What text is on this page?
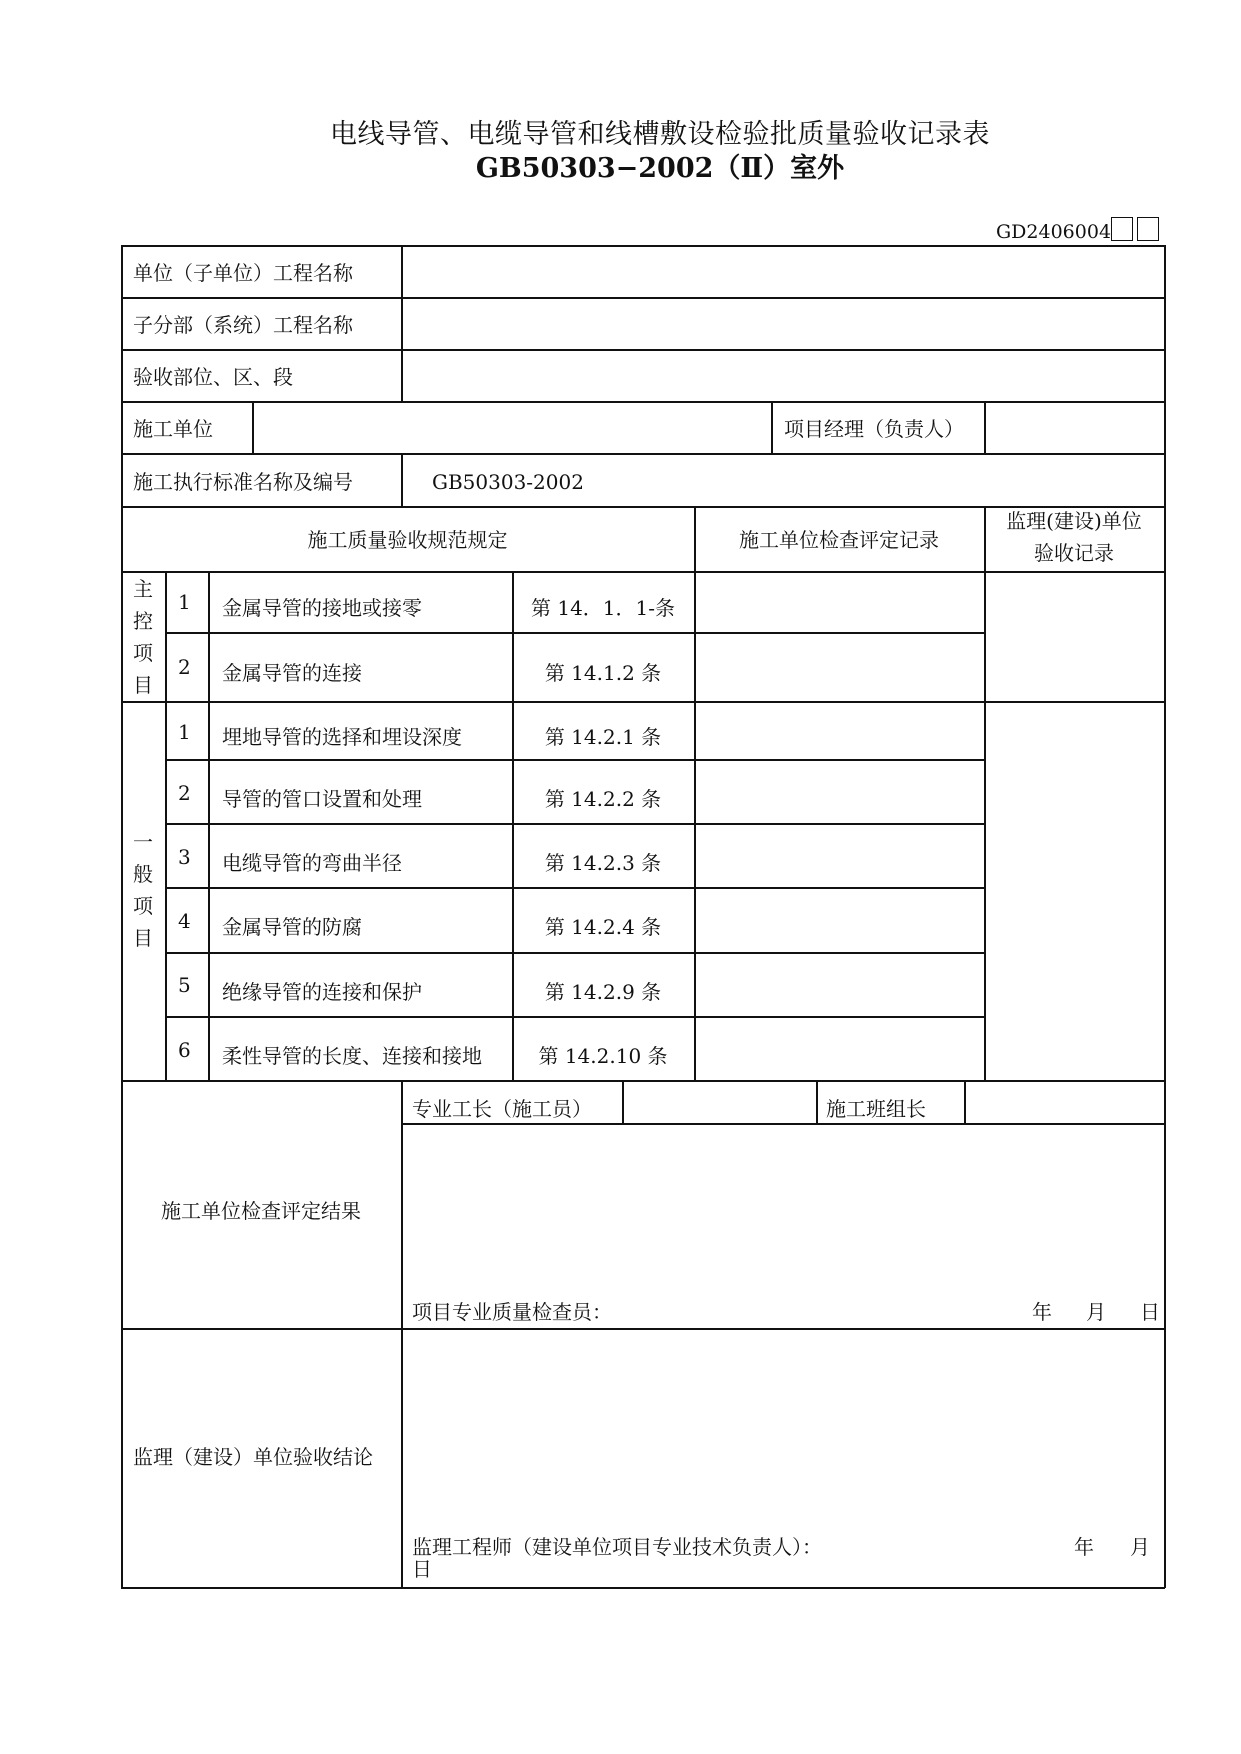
电线导管、电缆导管和线槽敷设检验批质量验收记录表
GB50303−2002（Ⅱ）室外
GD2406004
单位（子单位）工程名称
子分部（系统）工程名称
验收部位、区、段
施工单位	项目经理（负责人）
施工执行标准名称及编号	GB50303-2002
施工质量验收规范规定	施工单位检查评定记录
监理(建设)单位
验收记录
主
控
项
目
1 金属导管的接地或接零	第 14．1．1-条
2 金属导管的连接	第 14.1.2 条
一
般
项
目
1 埋地导管的选择和埋设深度	第 14.2.1 条
2 导管的管口设置和处理	第 14.2.2 条
3 电缆导管的弯曲半径	第 14.2.3 条
4 金属导管的防腐	第 14.2.4 条
5 绝缘导管的连接和保护	第 14.2.9 条
6 柔性导管的长度、连接和接地	第 14.2.10 条
施工单位检查评定结果
专业工长（施工员）	施工班组长
项目专业质量检查员：	年 月 日
监理（建设）单位验收结论
监理工程师（建设单位项目专业技术负责人）：	年 月
日
